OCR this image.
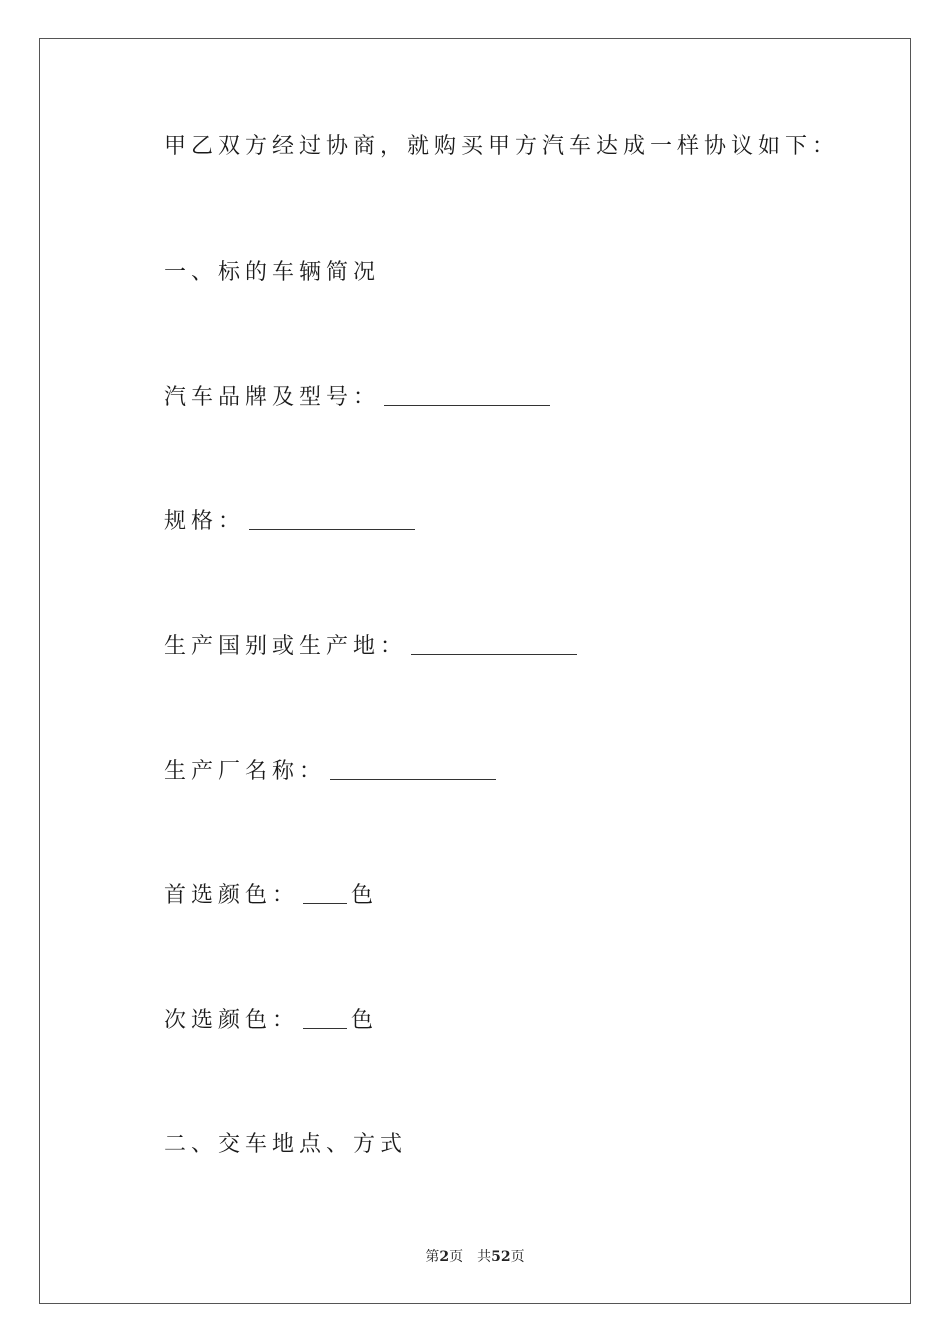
甲乙双方经过协商，就购买甲方汽车达成一样协议如下：
一、标的车辆简况
汽车品牌及型号：
规格：
生产国别或生产地：
生产厂名称：
首选颜色： 色
次选颜色： 色
二、交车地点、方式
第2页 共52页
